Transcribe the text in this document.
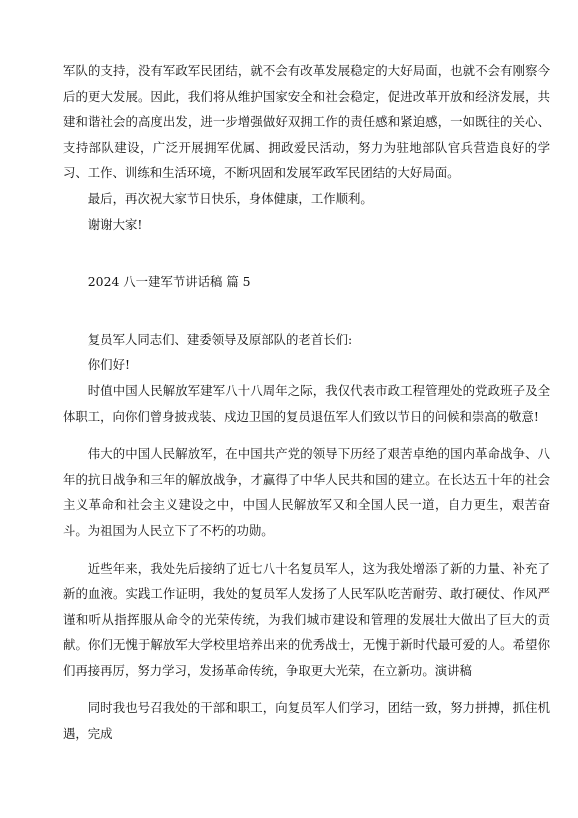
军队的支持，没有军政军民团结，就不会有改革发展稳定的大好局面，也就不会有刚察今后的更大发展。因此，我们将从维护国家安全和社会稳定，促进改革开放和经济发展，共建和谐社会的高度出发，进一步增强做好双拥工作的责任感和紧迫感，一如既往的关心、支持部队建设，广泛开展拥军优属、拥政爱民活动，努力为驻地部队官兵营造良好的学习、工作、训练和生活环境，不断巩固和发展军政军民团结的大好局面。

最后，再次祝大家节日快乐，身体健康，工作顺利。

谢谢大家!

2024 八一建军节讲话稿 篇 5

复员军人同志们、建委领导及原部队的老首长们:

你们好!

时值中国人民解放军建军八十八周年之际，我仅代表市政工程管理处的党政班子及全体职工，向你们曾身披戎装、戍边卫国的复员退伍军人们致以节日的问候和崇高的敬意!

伟大的中国人民解放军，在中国共产党的领导下历经了艰苦卓绝的国内革命战争、八年的抗日战争和三年的解放战争，才赢得了中华人民共和国的建立。在长达五十年的社会主义革命和社会主义建设之中，中国人民解放军又和全国人民一道，自力更生，艰苦奋斗。为祖国为人民立下了不朽的功勋。

近些年来，我处先后接纳了近七八十名复员军人，这为我处增添了新的力量、补充了新的血液。实践工作证明，我处的复员军人发扬了人民军队吃苦耐劳、敢打硬仗、作风严谨和听从指挥服从命令的光荣传统，为我们城市建设和管理的发展壮大做出了巨大的贡献。你们无愧于解放军大学校里培养出来的优秀战士，无愧于新时代最可爱的人。希望你们再接再厉，努力学习，发扬革命传统，争取更大光荣，在立新功。演讲稿

同时我也号召我处的干部和职工，向复员军人们学习，团结一致，努力拼搏，抓住机遇，完成
